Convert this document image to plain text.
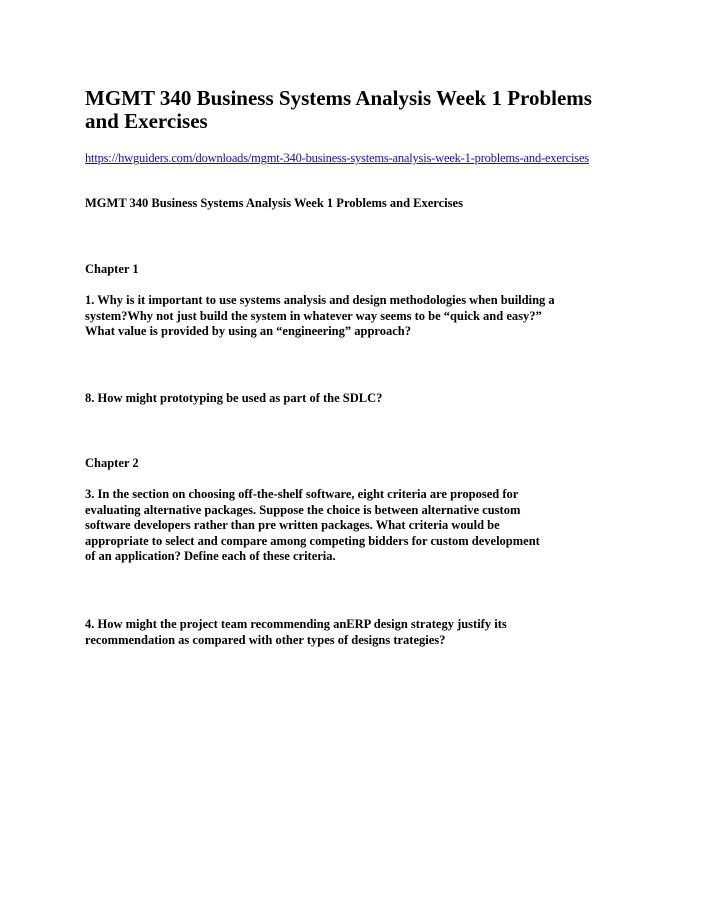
MGMT 340 Business Systems Analysis Week 1 Problems
and Exercises
https://hwguiders.com/downloads/mgmt-340-business-systems-analysis-week-1-problems-and-exercises

MGMT 340 Business Systems Analysis Week 1 Problems and Exercises

Chapter 1

1. Why is it important to use systems analysis and design methodologies when building a
system?Why not just build the system in whatever way seems to be “quick and easy?”
What value is provided by using an “engineering” approach?

8. How might prototyping be used as part of the SDLC?

Chapter 2

3. In the section on choosing off-the-shelf software, eight criteria are proposed for
evaluating alternative packages. Suppose the choice is between alternative custom
software developers rather than pre written packages. What criteria would be
appropriate to select and compare among competing bidders for custom development
of an application? Define each of these criteria.

4. How might the project team recommending anERP design strategy justify its
recommendation as compared with other types of designs trategies?
